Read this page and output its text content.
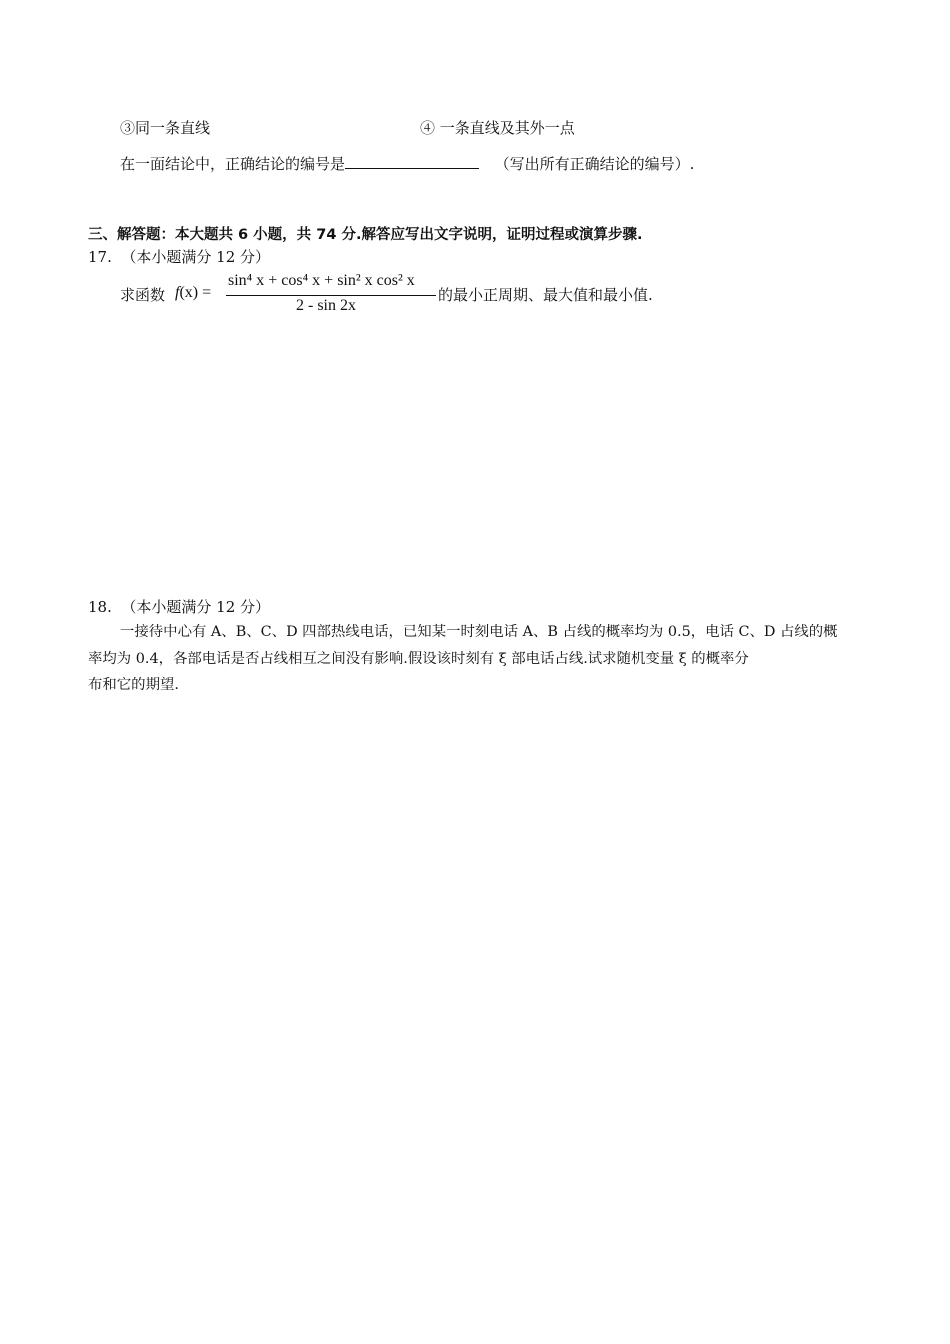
③同一条直线	④ 一条直线及其外一点
在一面结论中，正确结论的编号是	（写出所有正确结论的编号）.
三、解答题：本大题共 6 小题，共 74 分.解答应写出文字说明，证明过程或演算步骤.
17. （本小题满分 12 分）
求函数 f(x) =
sin⁴ x + cos⁴ x + sin² x cos² x
2 - sin 2x
的最小正周期、最大值和最小值.
18. （本小题满分 12 分）
一接待中心有 A、B、C、D 四部热线电话，已知某一时刻电话 A、B 占线的概率均为 0.5，电话 C、D 占线的概
率均为 0.4，各部电话是否占线相互之间没有影响.假设该时刻有 ξ 部电话占线.试求随机变量 ξ 的概率分
布和它的期望.
